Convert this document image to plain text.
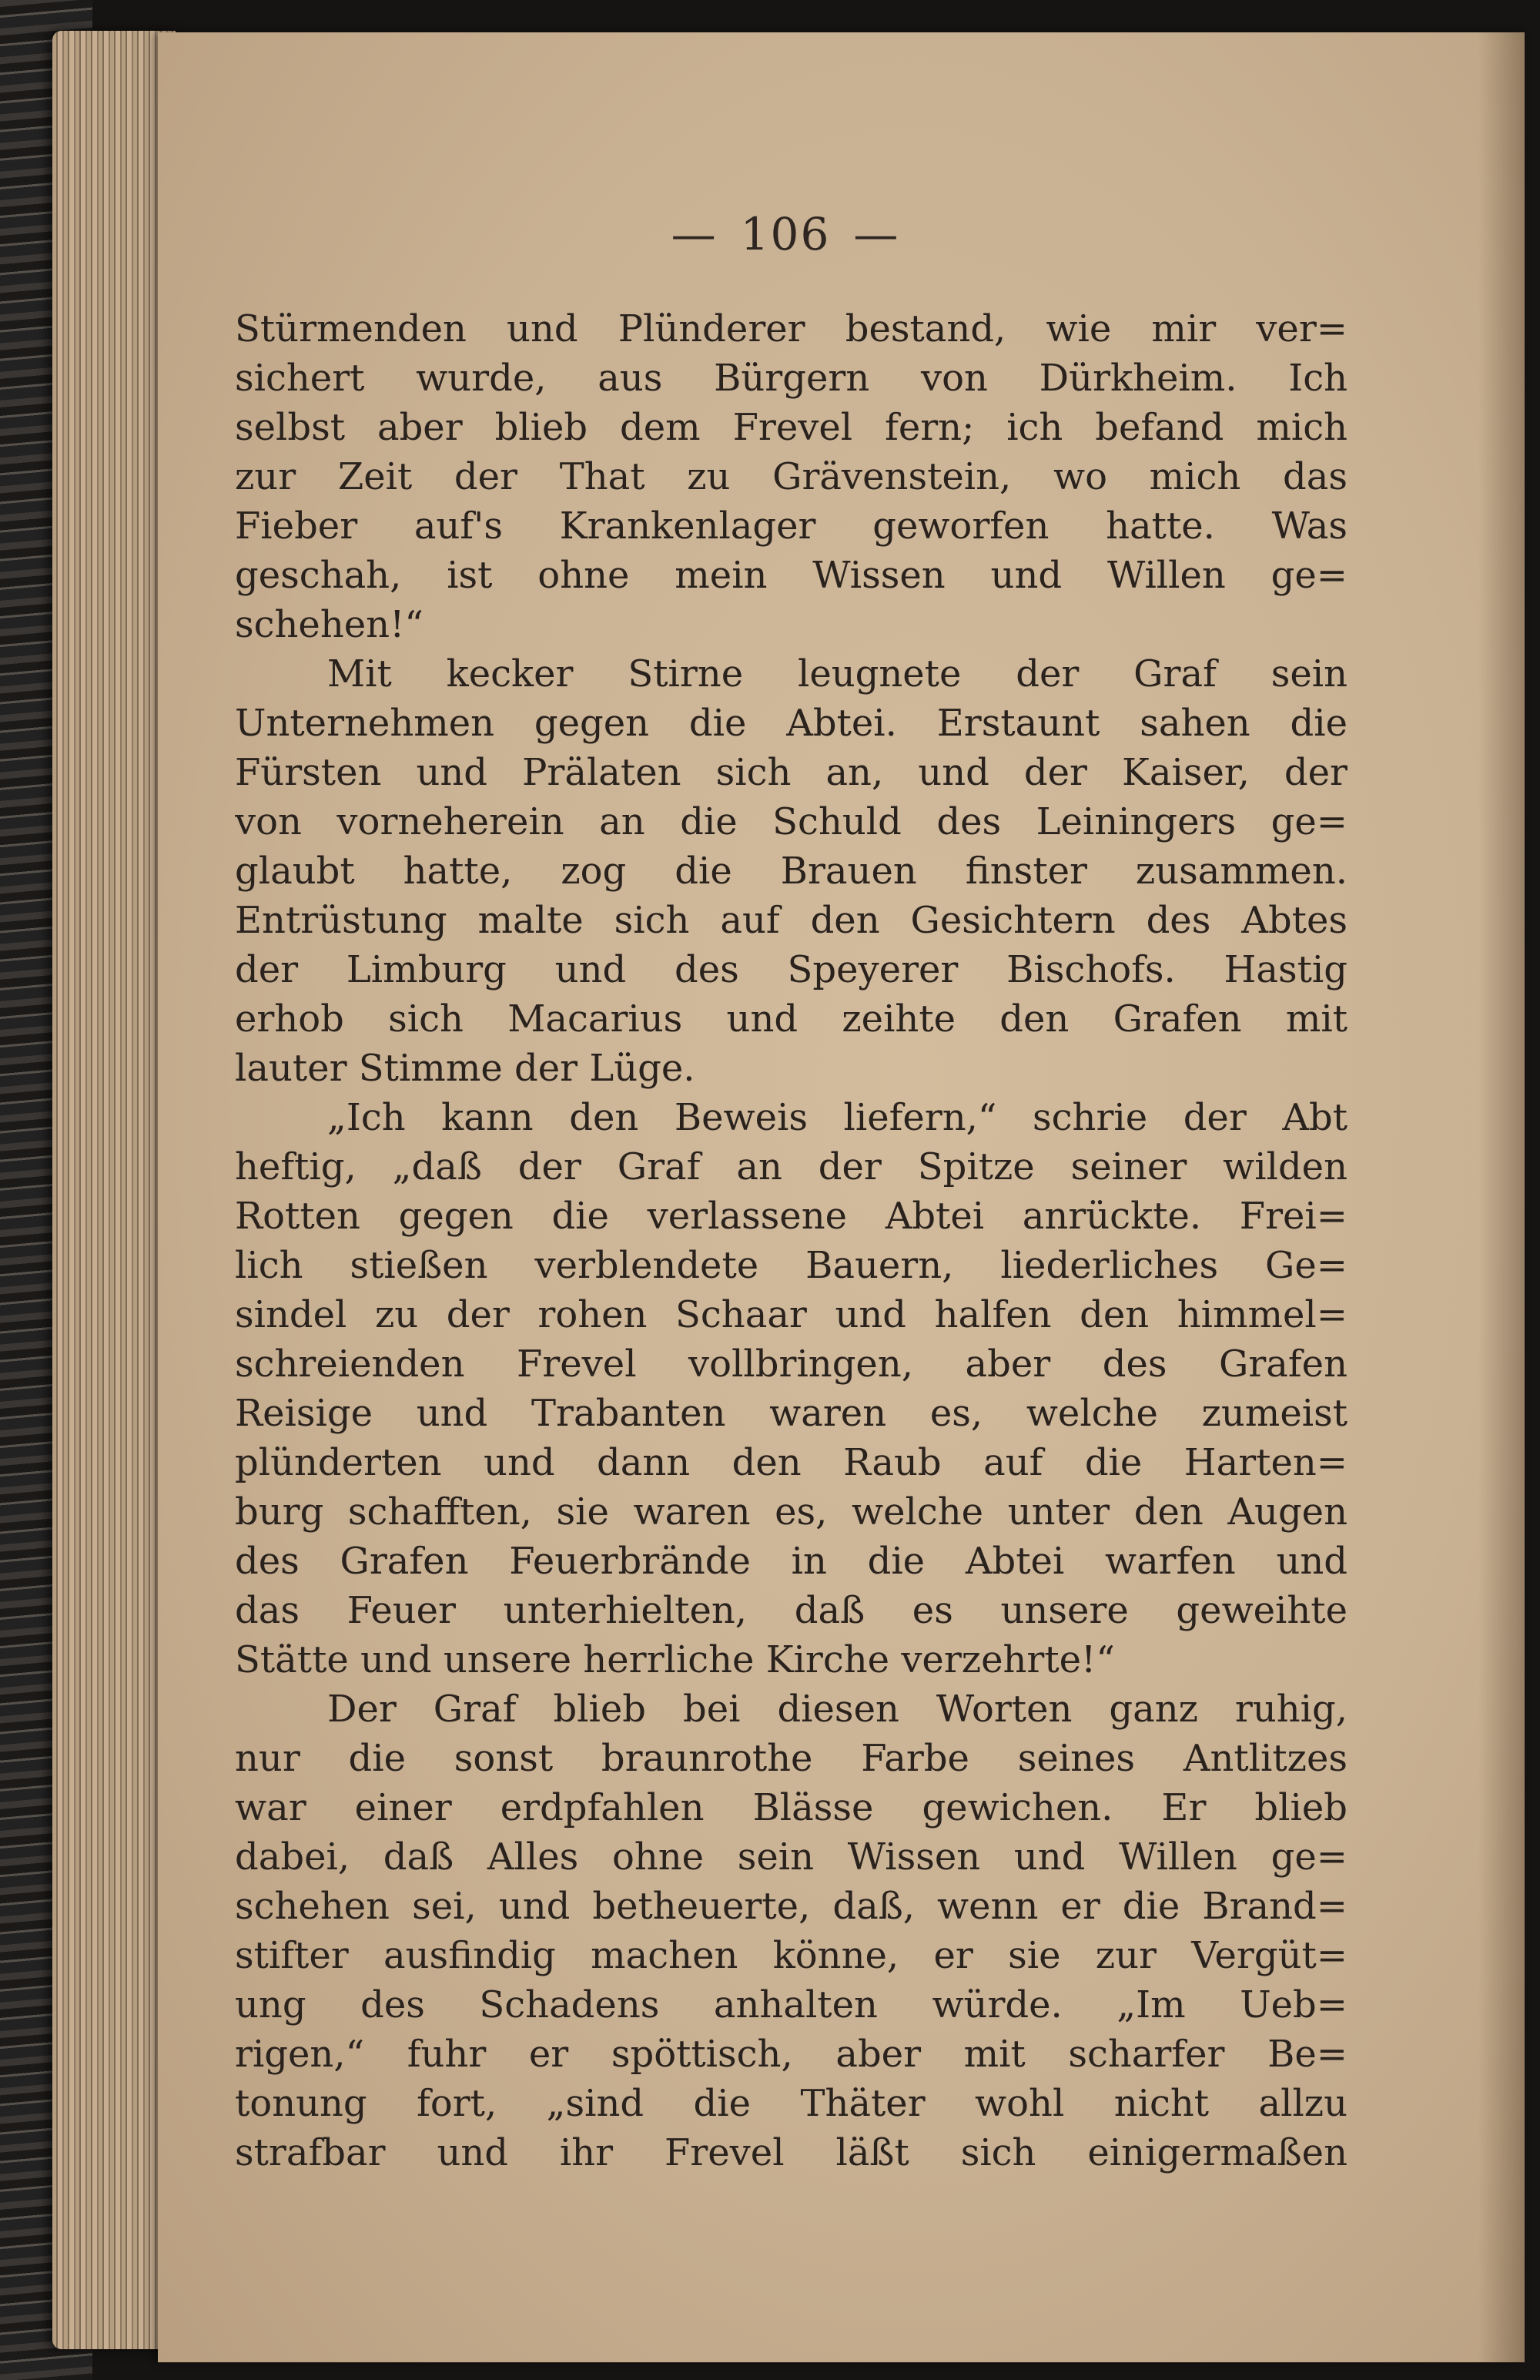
— 106 —
Stürmenden und Plünderer bestand, wie mir ver=
sichert wurde, aus Bürgern von Dürkheim. Ich
selbst aber blieb dem Frevel fern; ich befand mich
zur Zeit der That zu Grävenstein, wo mich das
Fieber auf's Krankenlager geworfen hatte. Was
geschah, ist ohne mein Wissen und Willen ge=
schehen!“
Mit kecker Stirne leugnete der Graf sein
Unternehmen gegen die Abtei. Erstaunt sahen die
Fürsten und Prälaten sich an, und der Kaiser, der
von vorneherein an die Schuld des Leiningers ge=
glaubt hatte, zog die Brauen finster zusammen.
Entrüstung malte sich auf den Gesichtern des Abtes
der Limburg und des Speyerer Bischofs. Hastig
erhob sich Macarius und zeihte den Grafen mit
lauter Stimme der Lüge.
„Ich kann den Beweis liefern,“ schrie der Abt
heftig, „daß der Graf an der Spitze seiner wilden
Rotten gegen die verlassene Abtei anrückte. Frei=
lich stießen verblendete Bauern, liederliches Ge=
sindel zu der rohen Schaar und halfen den himmel=
schreienden Frevel vollbringen, aber des Grafen
Reisige und Trabanten waren es, welche zumeist
plünderten und dann den Raub auf die Harten=
burg schafften, sie waren es, welche unter den Augen
des Grafen Feuerbrände in die Abtei warfen und
das Feuer unterhielten, daß es unsere geweihte
Stätte und unsere herrliche Kirche verzehrte!“
Der Graf blieb bei diesen Worten ganz ruhig,
nur die sonst braunrothe Farbe seines Antlitzes
war einer erdpfahlen Blässe gewichen. Er blieb
dabei, daß Alles ohne sein Wissen und Willen ge=
schehen sei, und betheuerte, daß, wenn er die Brand=
stifter ausfindig machen könne, er sie zur Vergüt=
ung des Schadens anhalten würde. „Im Ueb=
rigen,“ fuhr er spöttisch, aber mit scharfer Be=
tonung fort, „sind die Thäter wohl nicht allzu
strafbar und ihr Frevel läßt sich einigermaßen
